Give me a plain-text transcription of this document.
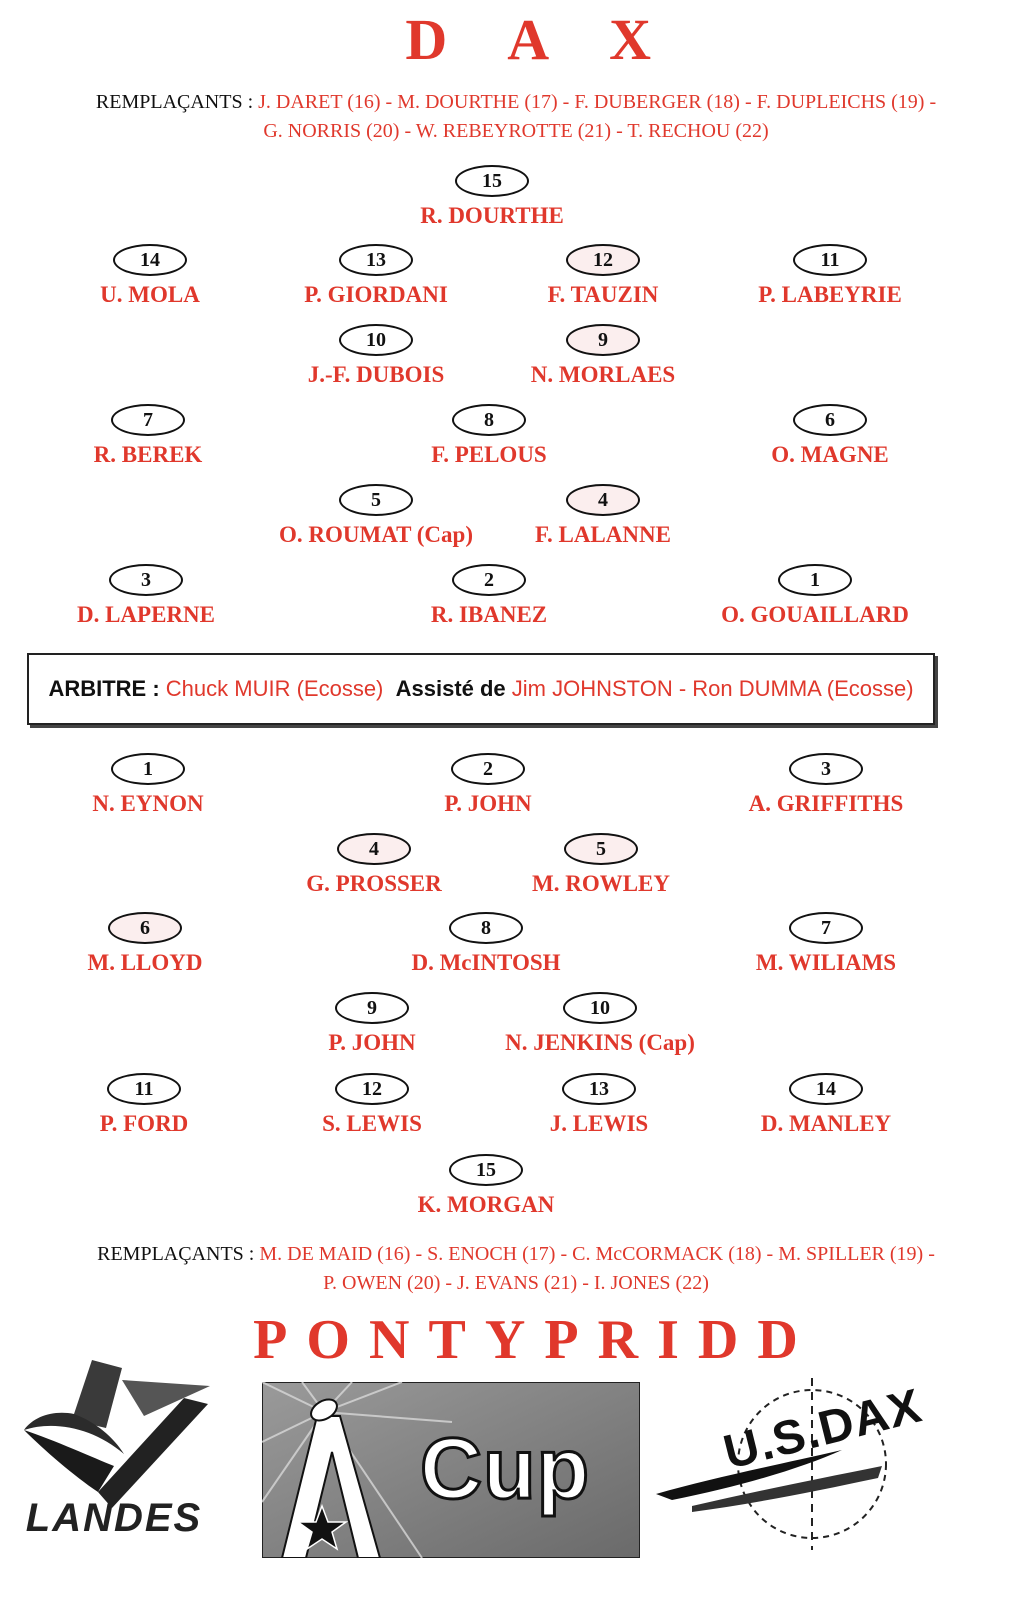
D A X
REMPLAÇANTS : J. DARET (16) - M. DOURTHE (17) - F. DUBERGER (18) - F. DUPLEICHS (19) -
G. NORRIS (20) - W. REBEYROTTE (21) - T. RECHOU (22)
15
R. DOURTHE
14
U. MOLA
13
P. GIORDANI
12
F. TAUZIN
11
P. LABEYRIE
10
J.-F. DUBOIS
9
N. MORLAES
7
R. BEREK
8
F. PELOUS
6
O. MAGNE
5
O. ROUMAT (Cap)
4
F. LALANNE
3
D. LAPERNE
2
R. IBANEZ
1
O. GOUAILLARD
ARBITRE : Chuck MUIR (Ecosse) Assisté de Jim JOHNSTON - Ron DUMMA (Ecosse)
1
N. EYNON
2
P. JOHN
3
A. GRIFFITHS
4
G. PROSSER
5
M. ROWLEY
6
M. LLOYD
8
D. McINTOSH
7
M. WILIAMS
9
P. JOHN
10
N. JENKINS (Cap)
11
P. FORD
12
S. LEWIS
13
J. LEWIS
14
D. MANLEY
15
K. MORGAN
REMPLAÇANTS : M. DE MAID (16) - S. ENOCH (17) - C. McCORMACK (18) - M. SPILLER (19) -
P. OWEN (20) - J. EVANS (21) - I. JONES (22)
PONTYPRIDD
LANDES
Cup	U.S.DAX
